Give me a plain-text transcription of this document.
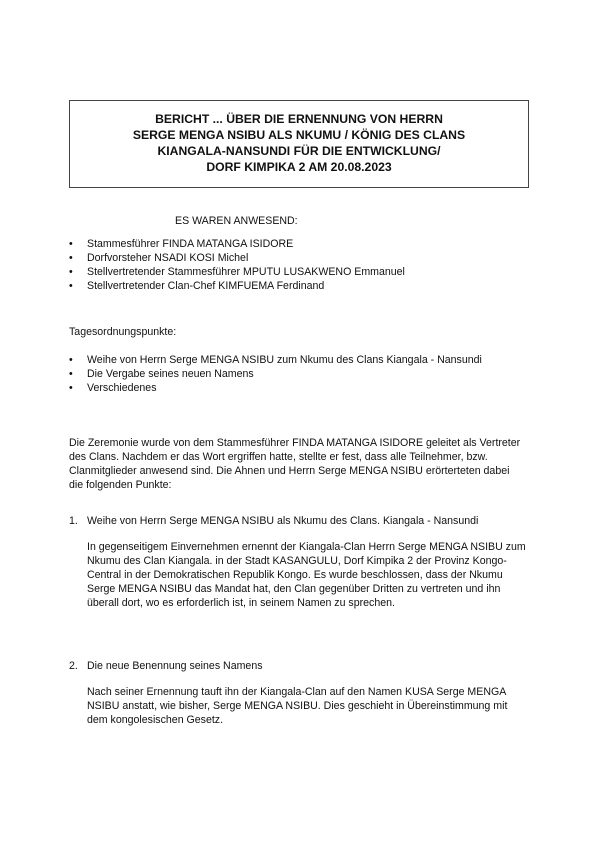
BERICHT ... ÜBER DIE ERNENNUNG VON HERRN
SERGE MENGA NSIBU ALS NKUMU / KÖNIG DES CLANS
KIANGALA-NANSUNDI FÜR DIE ENTWICKLUNG/
DORF KIMPIKA 2 AM 20.08.2023
ES WAREN ANWESEND:
• Stammesführer FINDA MATANGA ISIDORE
• Dorfvorsteher NSADI KOSI Michel
• Stellvertretender Stammesführer MPUTU LUSAKWENO Emmanuel
• Stellvertretender Clan-Chef KIMFUEMA Ferdinand
Tagesordnungspunkte:
• Weihe von Herrn Serge MENGA NSIBU zum Nkumu des Clans Kiangala - Nansundi
• Die Vergabe seines neuen Namens
• Verschiedenes
Die Zeremonie wurde von dem Stammesführer FINDA MATANGA ISIDORE geleitet als Vertreter des Clans. Nachdem er das Wort ergriffen hatte, stellte er fest, dass alle Teilnehmer, bzw. Clanmitglieder anwesend sind. Die Ahnen und Herrn Serge MENGA NSIBU erörterteten dabei die folgenden Punkte:
1. Weihe von Herrn Serge MENGA NSIBU als Nkumu des Clans. Kiangala - Nansundi
In gegenseitigem Einvernehmen ernennt der Kiangala-Clan Herrn Serge MENGA NSIBU zum Nkumu des Clan Kiangala. in der Stadt KASANGULU, Dorf Kimpika 2 der Provinz Kongo-Central in der Demokratischen Republik Kongo. Es wurde beschlossen, dass der Nkumu Serge MENGA NSIBU das Mandat hat, den Clan gegenüber Dritten zu vertreten und ihn überall dort, wo es erforderlich ist, in seinem Namen zu sprechen.
2. Die neue Benennung seines Namens
Nach seiner Ernennung tauft ihn der Kiangala-Clan auf den Namen KUSA Serge MENGA NSIBU anstatt, wie bisher, Serge MENGA NSIBU. Dies geschieht in Übereinstimmung mit dem kongolesischen Gesetz.
